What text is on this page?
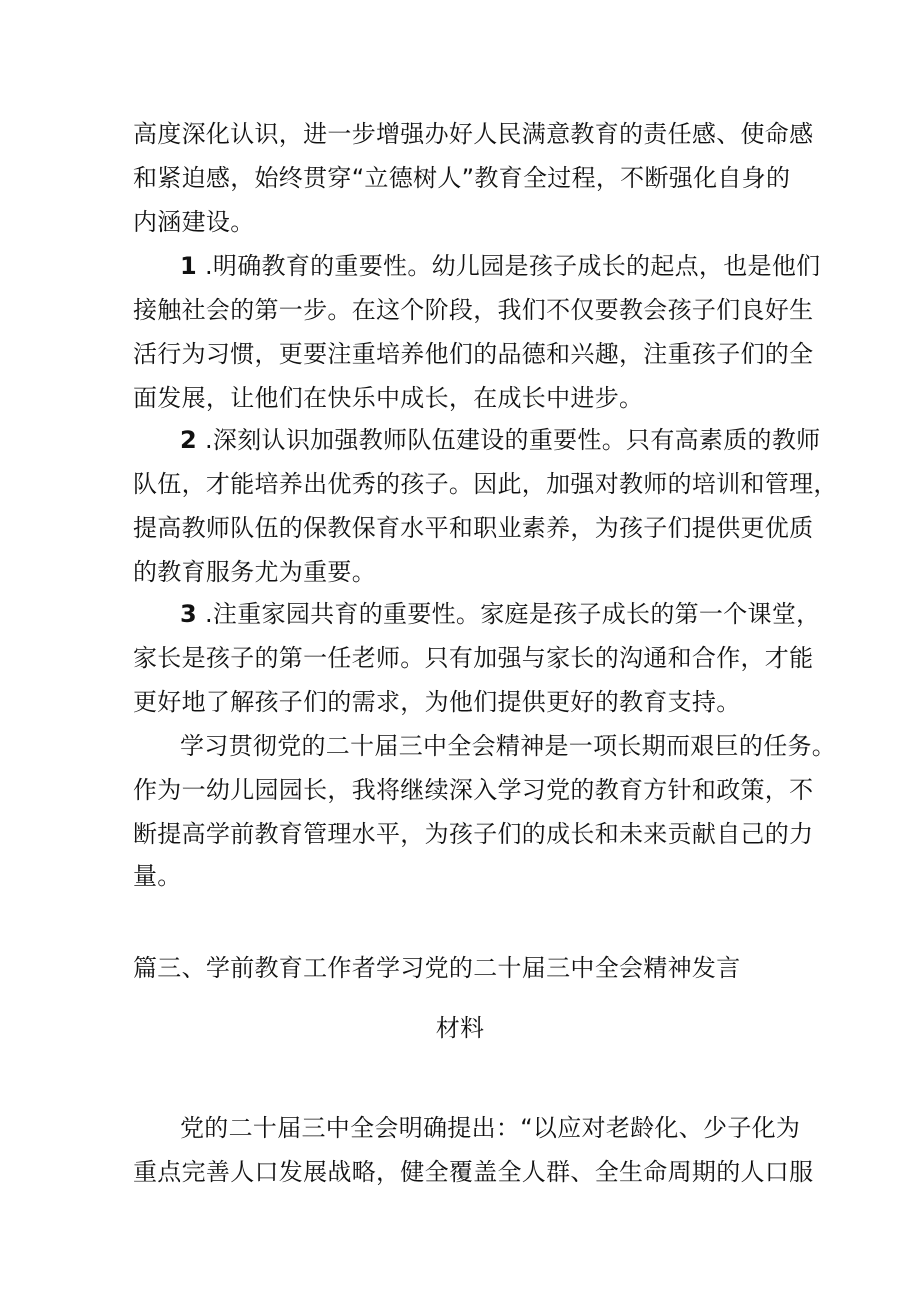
高度深化认识，进一步增强办好人民满意教育的责任感、使命感
和紧迫感，始终贯穿“立德树人”教育全过程，不断强化自身的
内涵建设。
1 .明确教育的重要性。幼儿园是孩子成长的起点，也是他们
接触社会的第一步。在这个阶段，我们不仅要教会孩子们良好生
活行为习惯，更要注重培养他们的品德和兴趣，注重孩子们的全
面发展，让他们在快乐中成长，在成长中进步。
2 .深刻认识加强教师队伍建设的重要性。只有高素质的教师
队伍，才能培养出优秀的孩子。因此，加强对教师的培训和管理，
提高教师队伍的保教保育水平和职业素养，为孩子们提供更优质
的教育服务尤为重要。
3 .注重家园共育的重要性。家庭是孩子成长的第一个课堂，
家长是孩子的第一任老师。只有加强与家长的沟通和合作，才能
更好地了解孩子们的需求，为他们提供更好的教育支持。
学习贯彻党的二十届三中全会精神是一项长期而艰巨的任务。
作为一幼儿园园长，我将继续深入学习党的教育方针和政策，不
断提高学前教育管理水平，为孩子们的成长和未来贡献自己的力
量。
篇三、学前教育工作者学习党的二十届三中全会精神发言
材料
党的二十届三中全会明确提出：“以应对老龄化、少子化为
重点完善人口发展战略，健全覆盖全人群、全生命周期的人口服
